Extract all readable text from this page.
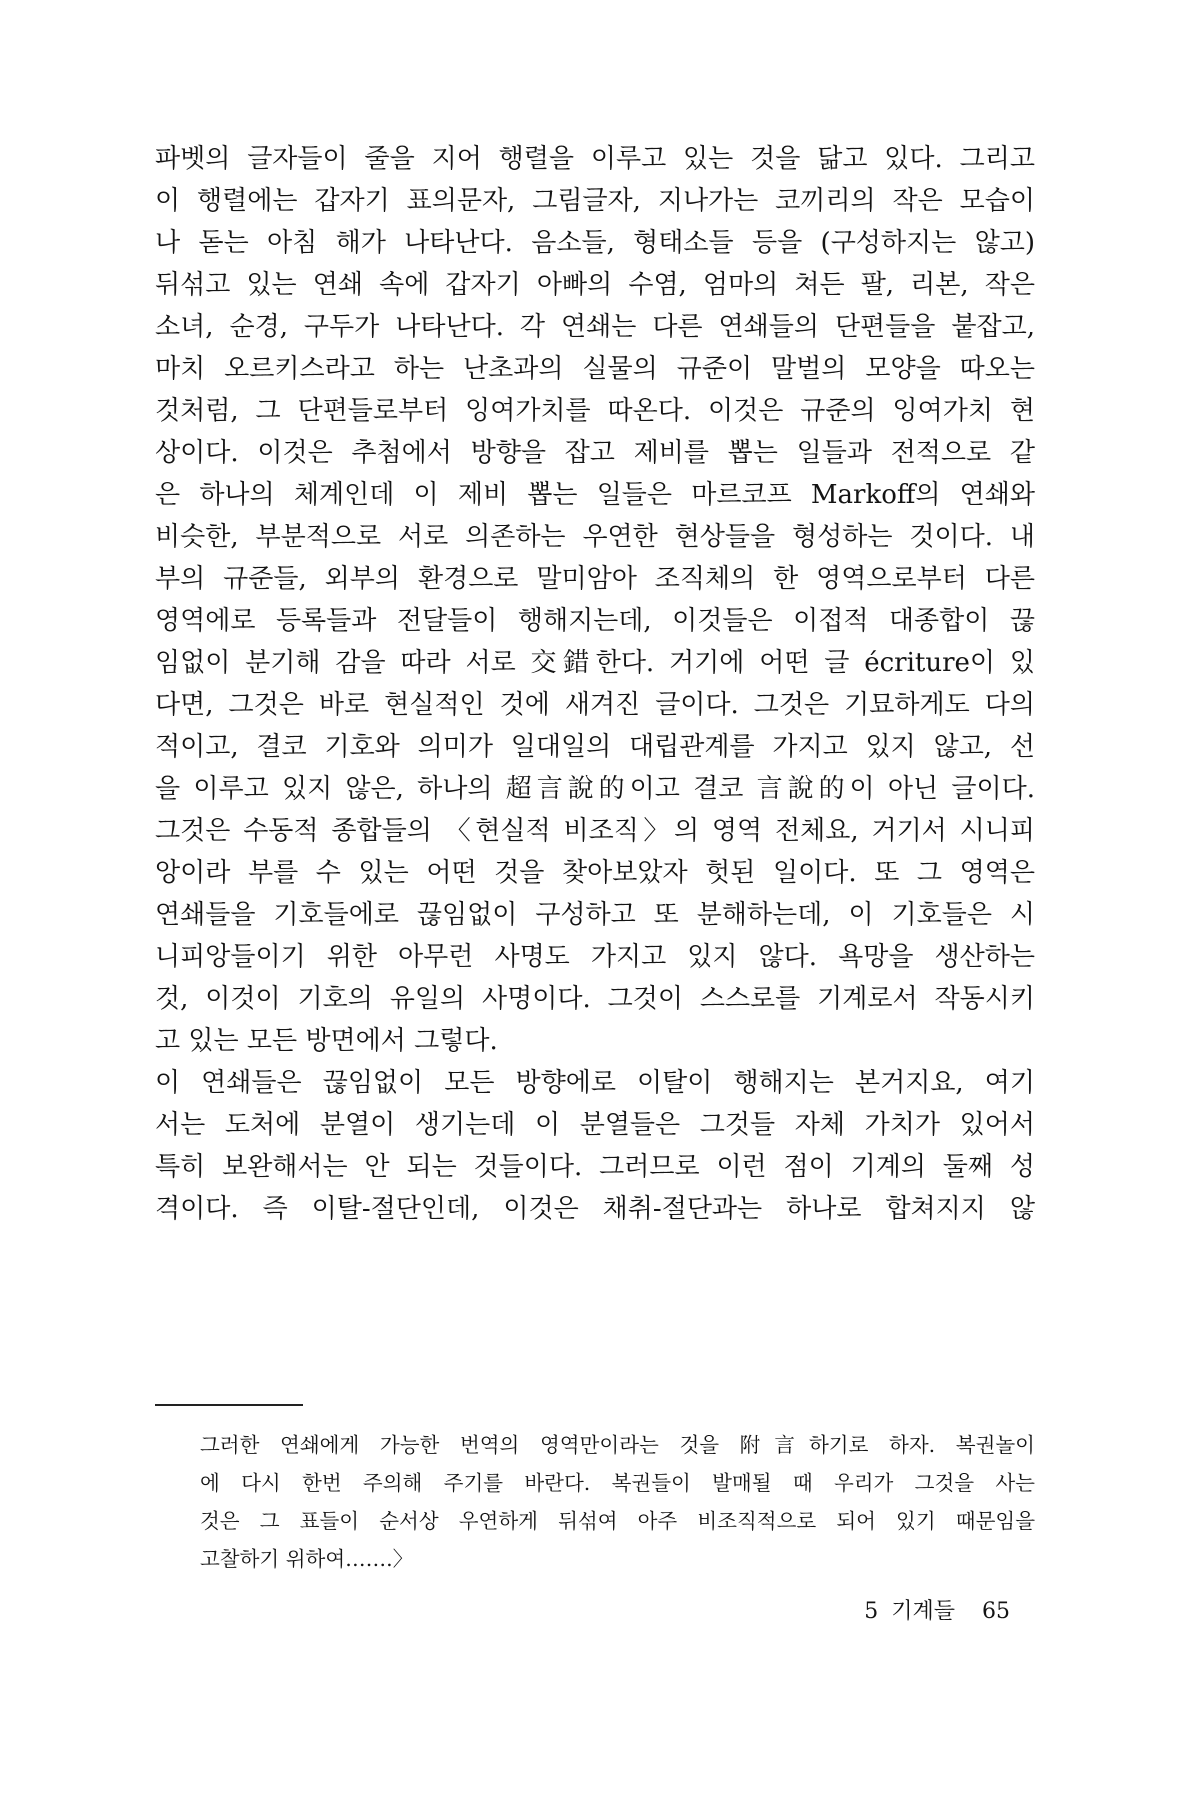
파벳의 글자들이 줄을 지어 행렬을 이루고 있는 것을 닮고 있다. 그리고
이 행렬에는 갑자기 표의문자, 그림글자, 지나가는 코끼리의 작은 모습이
나 돋는 아침 해가 나타난다. 음소들, 형태소들 등을 (구성하지는 않고)
뒤섞고 있는 연쇄 속에 갑자기 아빠의 수염, 엄마의 쳐든 팔, 리본, 작은
소녀, 순경, 구두가 나타난다. 각 연쇄는 다른 연쇄들의 단편들을 붙잡고,
마치 오르키스라고 하는 난초과의 실물의 규준이 말벌의 모양을 따오는
것처럼, 그 단편들로부터 잉여가치를 따온다. 이것은 규준의 잉여가치 현
상이다. 이것은 추첨에서 방향을 잡고 제비를 뽑는 일들과 전적으로 같
은 하나의 체계인데 이 제비 뽑는 일들은 마르코프 Markoff의 연쇄와
비슷한, 부분적으로 서로 의존하는 우연한 현상들을 형성하는 것이다. 내
부의 규준들, 외부의 환경으로 말미암아 조직체의 한 영역으로부터 다른
영역에로 등록들과 전달들이 행해지는데, 이것들은 이접적 대종합이 끊
임없이 분기해 감을 따라 서로 交錯한다. 거기에 어떤 글 écriture이 있
다면, 그것은 바로 현실적인 것에 새겨진 글이다. 그것은 기묘하게도 다의
적이고, 결코 기호와 의미가 일대일의 대립관계를 가지고 있지 않고, 선
을 이루고 있지 않은, 하나의 超言說的이고 결코 言說的이 아닌 글이다.
그것은 수동적 종합들의 〈현실적 비조직〉의 영역 전체요, 거기서 시니피
앙이라 부를 수 있는 어떤 것을 찾아보았자 헛된 일이다. 또 그 영역은
연쇄들을 기호들에로 끊임없이 구성하고 또 분해하는데, 이 기호들은 시
니피앙들이기 위한 아무런 사명도 가지고 있지 않다. 욕망을 생산하는
것, 이것이 기호의 유일의 사명이다. 그것이 스스로를 기계로서 작동시키
고 있는 모든 방면에서 그렇다.
이 연쇄들은 끊임없이 모든 방향에로 이탈이 행해지는 본거지요, 여기
서는 도처에 분열이 생기는데 이 분열들은 그것들 자체 가치가 있어서
특히 보완해서는 안 되는 것들이다. 그러므로 이런 점이 기계의 둘째 성
격이다. 즉 이탈-절단인데, 이것은 채취-절단과는 하나로 합쳐지지 않
그러한 연쇄에게 가능한 번역의 영역만이라는 것을 附言하기로 하자. 복권놀이
에 다시 한번 주의해 주기를 바란다. 복권들이 발매될 때 우리가 그것을 사는
것은 그 표들이 순서상 우연하게 뒤섞여 아주 비조직적으로 되어 있기 때문임을
고찰하기 위하여…….〉
5 기계들 65
